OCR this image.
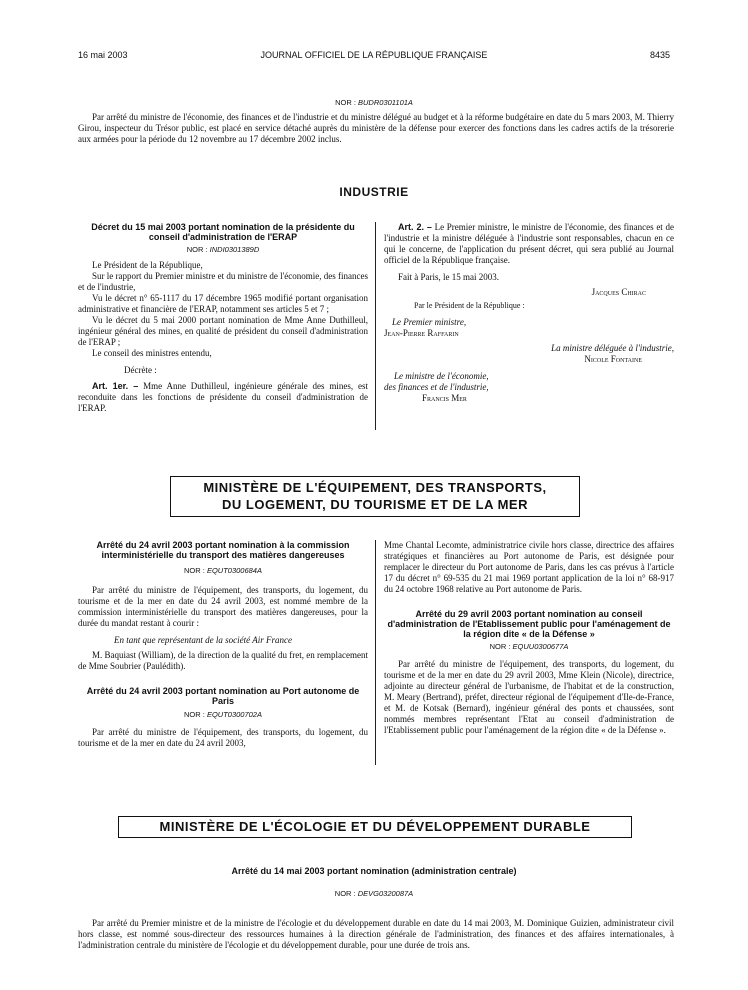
16 mai 2003	JOURNAL OFFICIEL DE LA RÉPUBLIQUE FRANÇAISE	8435
NOR : BUDR0301101A

Par arrêté du ministre de l'économie, des finances et de l'industrie et du ministre délégué au budget et à la réforme budgétaire en date du 5 mars 2003, M. Thierry Girou, inspecteur du Trésor public, est placé en service détaché auprès du ministère de la défense pour exercer des fonctions dans les cadres actifs de la trésorerie aux armées pour la période du 12 novembre au 17 décembre 2002 inclus.

INDUSTRIE

Décret du 15 mai 2003 portant nomination de la présidente du conseil d'administration de l'ERAP

NOR : INDI0301389D

Le Président de la République,

Sur le rapport du Premier ministre et du ministre de l'économie, des finances et de l'industrie,

Vu le décret n° 65-1117 du 17 décembre 1965 modifié portant organisation administrative et financière de l'ERAP, notamment ses articles 5 et 7 ;

Vu le décret du 5 mai 2000 portant nomination de Mme Anne Duthilleul, ingénieur général des mines, en qualité de président du conseil d'administration de l'ERAP ;

Le conseil des ministres entendu,

Décrète :

Art. 1er. – Mme Anne Duthilleul, ingénieure générale des mines, est reconduite dans les fonctions de présidente du conseil d'administration de l'ERAP.

Art. 2. – Le Premier ministre, le ministre de l'économie, des finances et de l'industrie et la ministre déléguée à l'industrie sont responsables, chacun en ce qui le concerne, de l'application du présent décret, qui sera publié au Journal officiel de la République française.

Fait à Paris, le 15 mai 2003.

Jacques Chirac

Par le Président de la République :

Le Premier ministre,

Jean-Pierre Raffarin

La ministre déléguée à l'industrie,

Nicole Fontaine

Le ministre de l'économie,

des finances et de l'industrie,

Francis Mer

MINISTÈRE DE L'ÉQUIPEMENT, DES TRANSPORTS,
DU LOGEMENT, DU TOURISME ET DE LA MER

Arrêté du 24 avril 2003 portant nomination à la commission interministérielle du transport des matières dangereuses

NOR : EQUT0300684A

Par arrêté du ministre de l'équipement, des transports, du logement, du tourisme et de la mer en date du 24 avril 2003, est nommé membre de la commission interministérielle du transport des matières dangereuses, pour la durée du mandat restant à courir :

En tant que représentant de la société Air France

M. Baquiast (William), de la direction de la qualité du fret, en remplacement de Mme Soubrier (Paulédith).

Arrêté du 24 avril 2003 portant nomination au Port autonome de Paris

NOR : EQUT0300702A

Par arrêté du ministre de l'équipement, des transports, du logement, du tourisme et de la mer en date du 24 avril 2003,

Mme Chantal Lecomte, administratrice civile hors classe, directrice des affaires stratégiques et financières au Port autonome de Paris, est désignée pour remplacer le directeur du Port autonome de Paris, dans les cas prévus à l'article 17 du décret n° 69-535 du 21 mai 1969 portant application de la loi n° 68-917 du 24 octobre 1968 relative au Port autonome de Paris.

Arrêté du 29 avril 2003 portant nomination au conseil d'administration de l'Etablissement public pour l'aménagement de la région dite « de la Défense »

NOR : EQUU0300677A

Par arrêté du ministre de l'équipement, des transports, du logement, du tourisme et de la mer en date du 29 avril 2003, Mme Klein (Nicole), directrice, adjointe au directeur général de l'urbanisme, de l'habitat et de la construction, M. Meary (Bertrand), préfet, directeur régional de l'équipement d'Ile-de-France, et M. de Kotsak (Bernard), ingénieur général des ponts et chaussées, sont nommés membres représentant l'Etat au conseil d'administration de l'Etablissement public pour l'aménagement de la région dite « de la Défense ».

MINISTÈRE DE L'ÉCOLOGIE ET DU DÉVELOPPEMENT DURABLE

Arrêté du 14 mai 2003 portant nomination (administration centrale)

NOR : DEVG0320087A

Par arrêté du Premier ministre et de la ministre de l'écologie et du développement durable en date du 14 mai 2003, M. Dominique Guizien, administrateur civil hors classe, est nommé sous-directeur des ressources humaines à la direction générale de l'administration, des finances et des affaires internationales, à l'administration centrale du ministère de l'écologie et du développement durable, pour une durée de trois ans.
